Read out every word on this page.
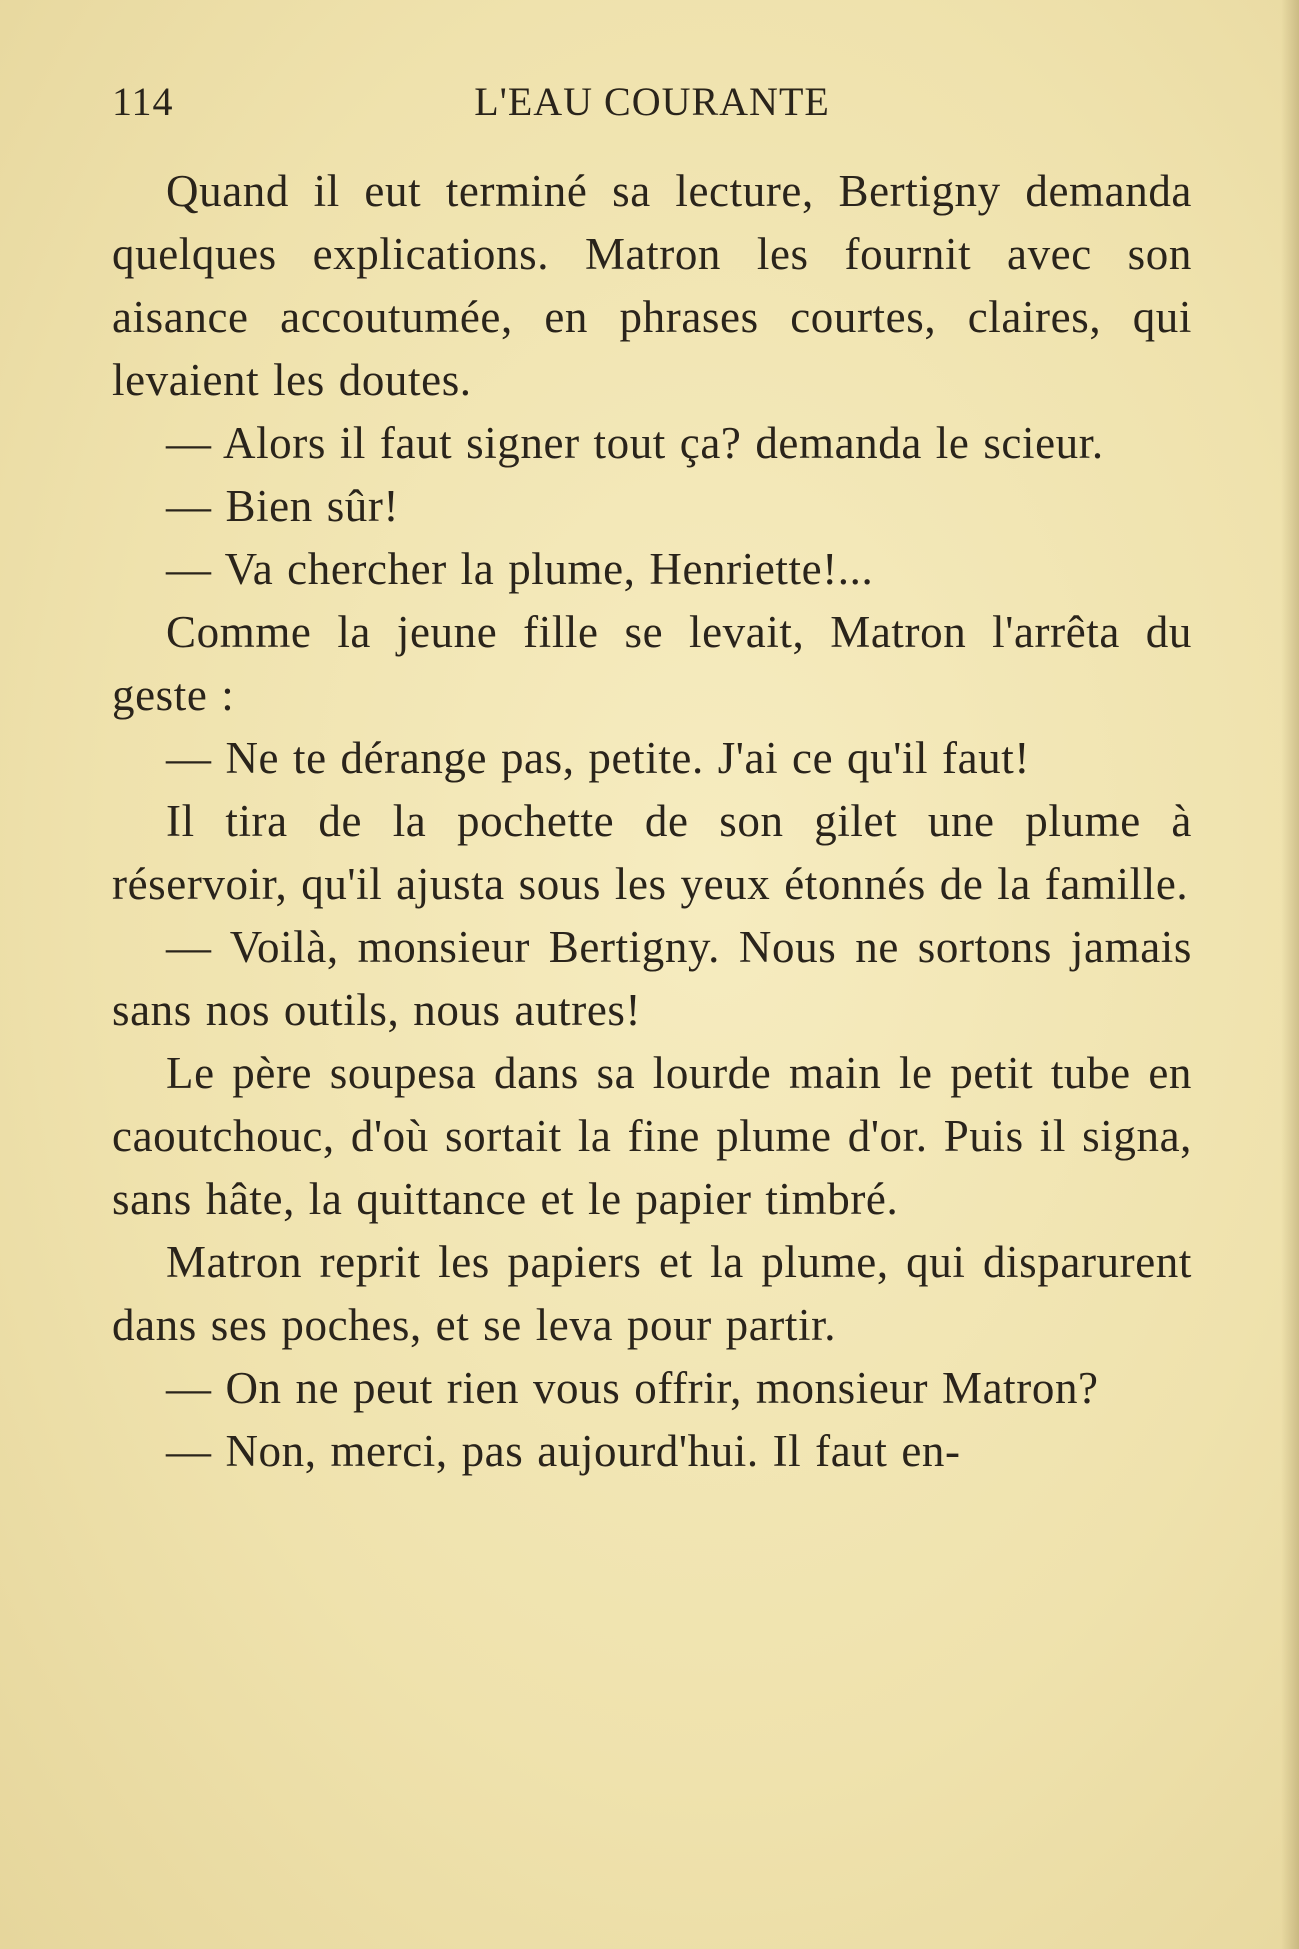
114	L'EAU COURANTE

Quand il eut terminé sa lecture, Bertigny demanda quelques explications. Matron les fournit avec son aisance accoutumée, en phrases courtes, claires, qui levaient les doutes.

— Alors il faut signer tout ça? demanda le scieur.

— Bien sûr!

— Va chercher la plume, Henriette!...

Comme la jeune fille se levait, Matron l'arrêta du geste :

— Ne te dérange pas, petite. J'ai ce qu'il faut!

Il tira de la pochette de son gilet une plume à réservoir, qu'il ajusta sous les yeux étonnés de la famille.

— Voilà, monsieur Bertigny. Nous ne sortons jamais sans nos outils, nous autres!

Le père soupesa dans sa lourde main le petit tube en caoutchouc, d'où sortait la fine plume d'or. Puis il signa, sans hâte, la quittance et le papier timbré.

Matron reprit les papiers et la plume, qui disparurent dans ses poches, et se leva pour partir.

— On ne peut rien vous offrir, monsieur Matron?

— Non, merci, pas aujourd'hui. Il faut en-
